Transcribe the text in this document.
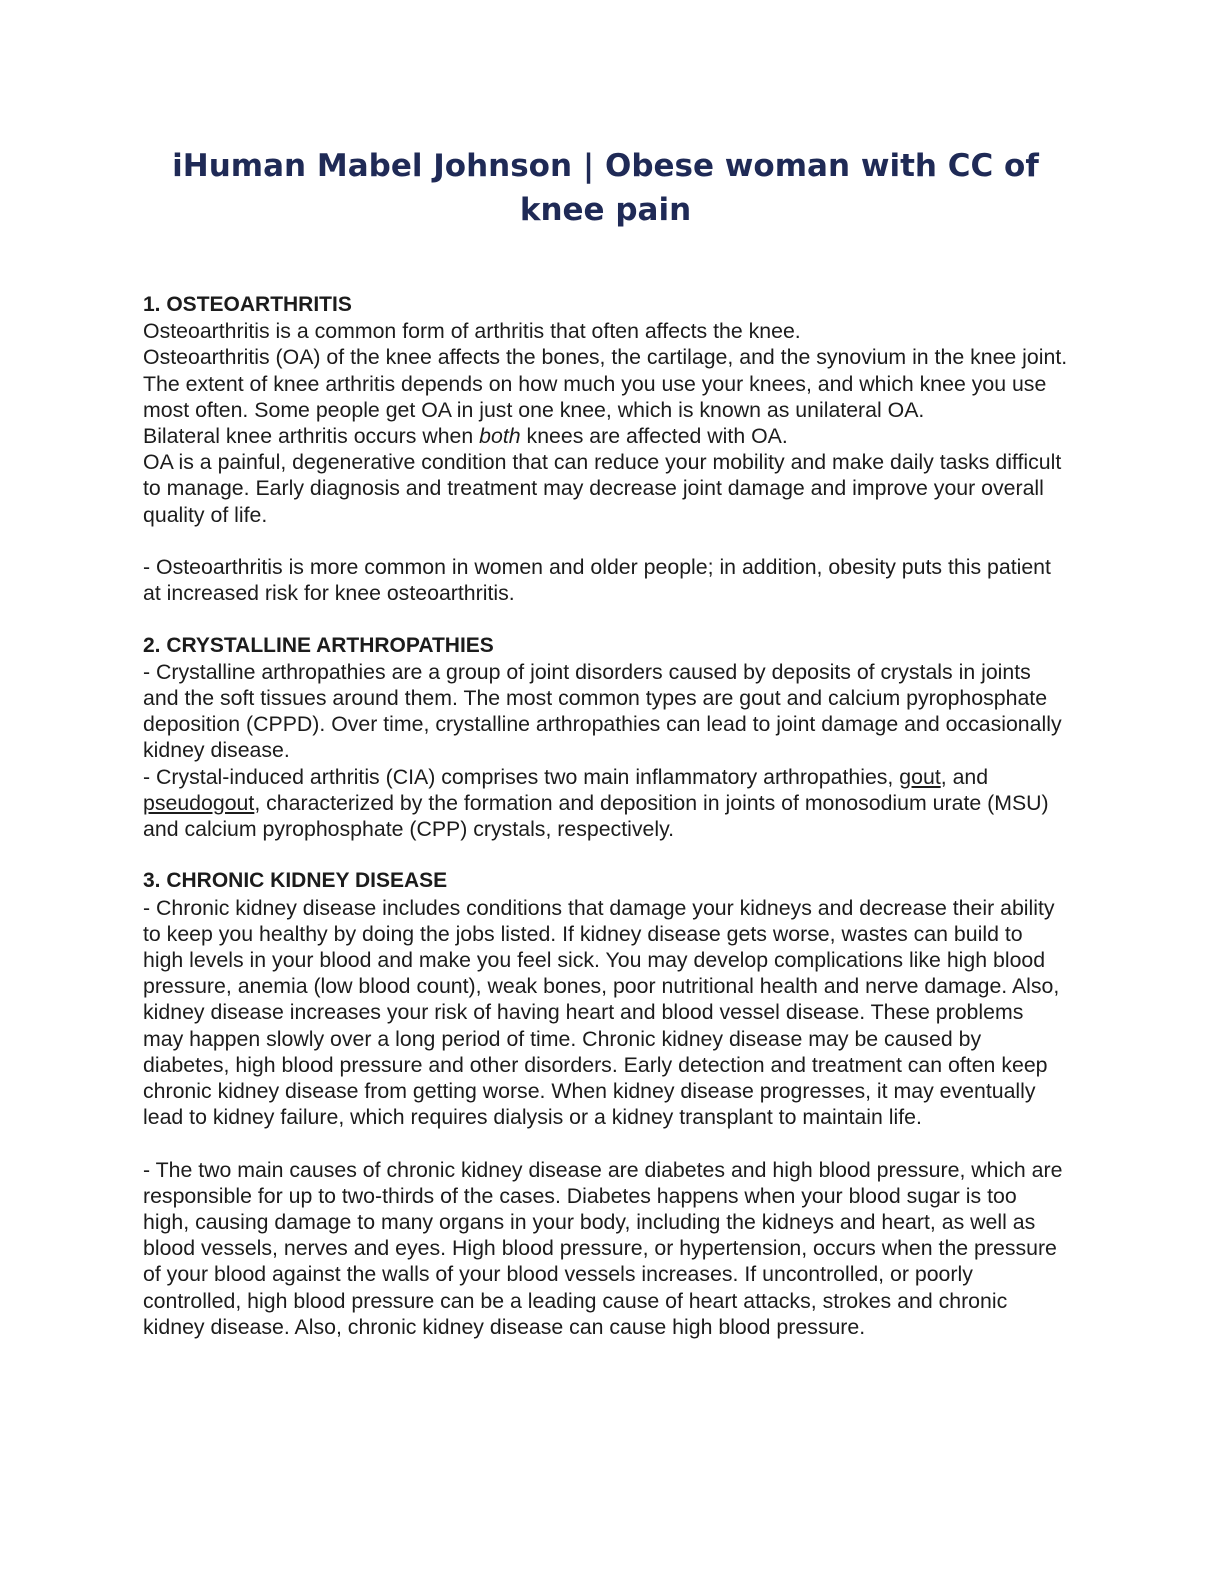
iHuman Mabel Johnson | Obese woman with CC of knee pain

1. OSTEOARTHRITIS

Osteoarthritis is a common form of arthritis that often affects the knee.

Osteoarthritis (OA) of the knee affects the bones, the cartilage, and the synovium in the knee joint.

The extent of knee arthritis depends on how much you use your knees, and which knee you use most often. Some people get OA in just one knee, which is known as unilateral OA.

Bilateral knee arthritis occurs when both knees are affected with OA.

OA is a painful, degenerative condition that can reduce your mobility and make daily tasks difficult to manage. Early diagnosis and treatment may decrease joint damage and improve your overall quality of life.

- Osteoarthritis is more common in women and older people; in addition, obesity puts this patient at increased risk for knee osteoarthritis.

2. CRYSTALLINE ARTHROPATHIES

- Crystalline arthropathies are a group of joint disorders caused by deposits of crystals in joints and the soft tissues around them. The most common types are gout and calcium pyrophosphate deposition (CPPD). Over time, crystalline arthropathies can lead to joint damage and occasionally kidney disease.

- Crystal-induced arthritis (CIA) comprises two main inflammatory arthropathies, gout, and pseudogout, characterized by the formation and deposition in joints of monosodium urate (MSU) and calcium pyrophosphate (CPP) crystals, respectively.

3. CHRONIC KIDNEY DISEASE

- Chronic kidney disease includes conditions that damage your kidneys and decrease their ability to keep you healthy by doing the jobs listed. If kidney disease gets worse, wastes can build to high levels in your blood and make you feel sick. You may develop complications like high blood pressure, anemia (low blood count), weak bones, poor nutritional health and nerve damage. Also, kidney disease increases your risk of having heart and blood vessel disease. These problems may happen slowly over a long period of time. Chronic kidney disease may be caused by diabetes, high blood pressure and other disorders. Early detection and treatment can often keep chronic kidney disease from getting worse. When kidney disease progresses, it may eventually lead to kidney failure, which requires dialysis or a kidney transplant to maintain life.

- The two main causes of chronic kidney disease are diabetes and high blood pressure, which are responsible for up to two-thirds of the cases. Diabetes happens when your blood sugar is too high, causing damage to many organs in your body, including the kidneys and heart, as well as blood vessels, nerves and eyes. High blood pressure, or hypertension, occurs when the pressure of your blood against the walls of your blood vessels increases. If uncontrolled, or poorly controlled, high blood pressure can be a leading cause of heart attacks, strokes and chronic kidney disease. Also, chronic kidney disease can cause high blood pressure.
